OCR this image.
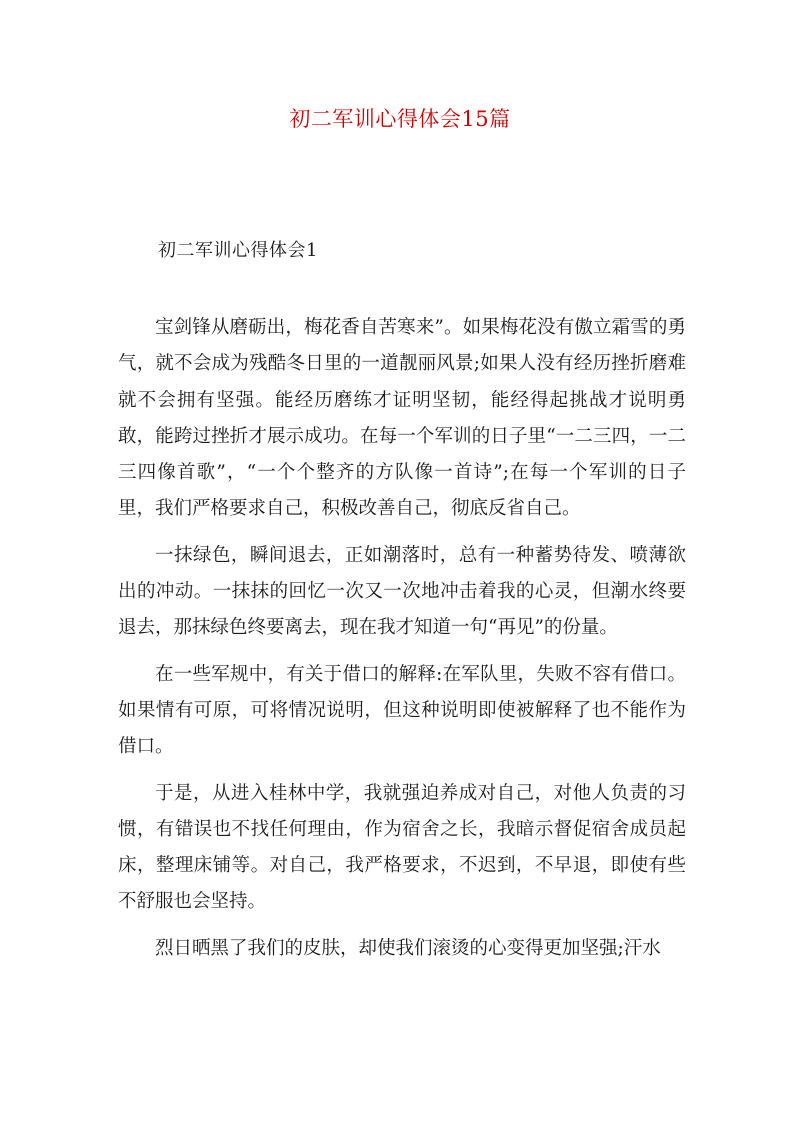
初二军训心得体会15篇
初二军训心得体会1

宝剑锋从磨砺出，梅花香自苦寒来”。如果梅花没有傲立霜雪的勇气，就不会成为残酷冬日里的一道靓丽风景;如果人没有经历挫折磨难就不会拥有坚强。能经历磨练才证明坚韧，能经得起挑战才说明勇敢，能跨过挫折才展示成功。在每一个军训的日子里“一二三四，一二三四像首歌”，“一个个整齐的方队像一首诗”;在每一个军训的日子里，我们严格要求自己，积极改善自己，彻底反省自己。

一抹绿色，瞬间退去，正如潮落时，总有一种蓄势待发、喷薄欲出的冲动。一抹抹的回忆一次又一次地冲击着我的心灵，但潮水终要退去，那抹绿色终要离去，现在我才知道一句“再见”的份量。

在一些军规中，有关于借口的解释:在军队里，失败不容有借口。如果情有可原，可将情况说明，但这种说明即使被解释了也不能作为借口。

于是，从进入桂林中学，我就强迫养成对自己，对他人负责的习惯，有错误也不找任何理由，作为宿舍之长，我暗示督促宿舍成员起床，整理床铺等。对自己，我严格要求，不迟到，不早退，即使有些不舒服也会坚持。

烈日晒黑了我们的皮肤，却使我们滚烫的心变得更加坚强;汗水
